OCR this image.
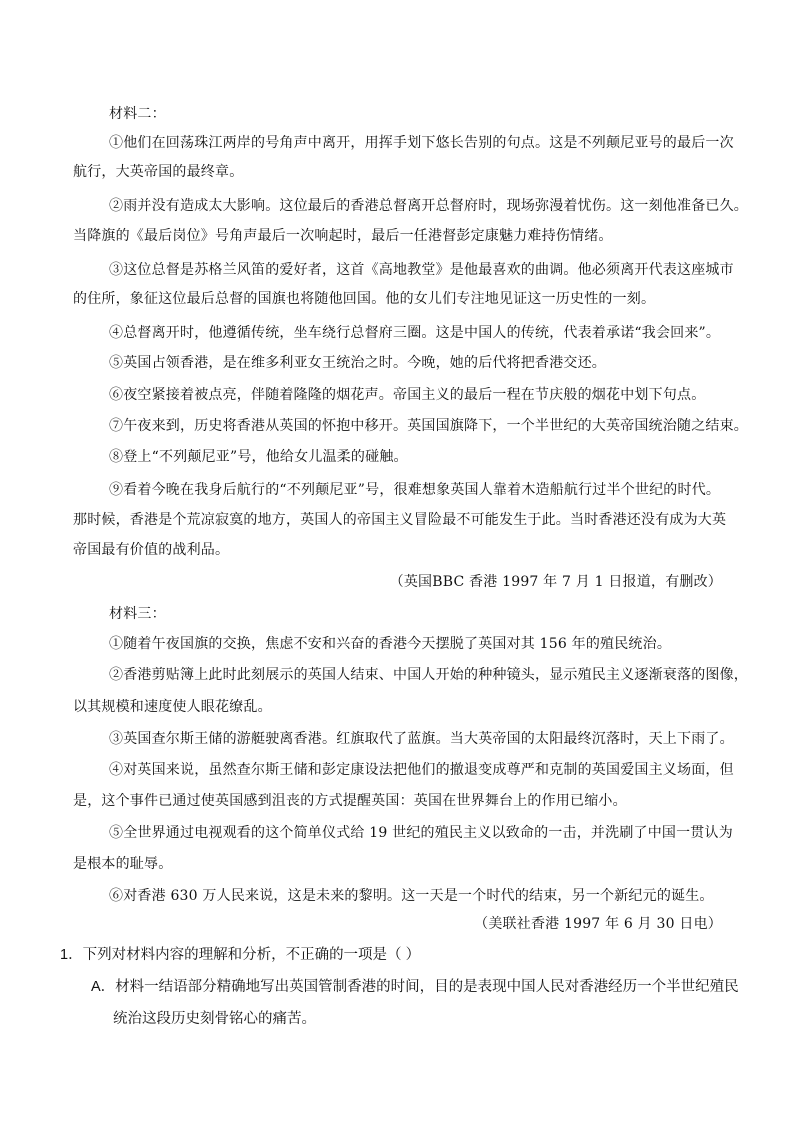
材料二：
①他们在回荡珠江两岸的号角声中离开，用挥手划下悠长告别的句点。这是不列颠尼亚号的最后一次
航行，大英帝国的最终章。
②雨并没有造成太大影响。这位最后的香港总督离开总督府时，现场弥漫着忧伤。这一刻他准备已久。
当降旗的《最后岗位》号角声最后一次响起时，最后一任港督彭定康魅力难持伤情绪。
③这位总督是苏格兰风笛的爱好者，这首《高地教堂》是他最喜欢的曲调。他必须离开代表这座城市
的住所，象征这位最后总督的国旗也将随他回国。他的女儿们专注地见证这一历史性的一刻。
④总督离开时，他遵循传统，坐车绕行总督府三圈。这是中国人的传统，代表着承诺“我会回来”。
⑤英国占领香港，是在维多利亚女王统治之时。今晚，她的后代将把香港交还。
⑥夜空紧接着被点亮，伴随着隆隆的烟花声。帝国主义的最后一程在节庆般的烟花中划下句点。
⑦午夜来到，历史将香港从英国的怀抱中移开。英国国旗降下，一个半世纪的大英帝国统治随之结束。
⑧登上“不列颠尼亚”号，他给女儿温柔的碰触。
⑨看着今晚在我身后航行的“不列颠尼亚”号，很难想象英国人靠着木造船航行过半个世纪的时代。
那时候，香港是个荒凉寂寞的地方，英国人的帝国主义冒险最不可能发生于此。当时香港还没有成为大英
帝国最有价值的战利品。
（英国BBC 香港 1997 年 7 月 1 日报道，有删改）
材料三：
①随着午夜国旗的交换，焦虑不安和兴奋的香港今天摆脱了英国对其 156 年的殖民统治。
②香港剪贴簿上此时此刻展示的英国人结束、中国人开始的种种镜头，显示殖民主义逐渐衰落的图像，
以其规模和速度使人眼花缭乱。
③英国查尔斯王储的游艇驶离香港。红旗取代了蓝旗。当大英帝国的太阳最终沉落时，天上下雨了。
④对英国来说，虽然查尔斯王储和彭定康设法把他们的撤退变成尊严和克制的英国爱国主义场面，但
是，这个事件已通过使英国感到沮丧的方式提醒英国：英国在世界舞台上的作用已缩小。
⑤全世界通过电视观看的这个简单仪式给 19 世纪的殖民主义以致命的一击，并洗刷了中国一贯认为
是根本的耻辱。
⑥对香港 630 万人民来说，这是未来的黎明。这一天是一个时代的结束，另一个新纪元的诞生。
（美联社香港 1997 年 6 月 30 日电）
1．下列对材料内容的理解和分析，不正确的一项是（ ）
A．材料一结语部分精确地写出英国管制香港的时间，目的是表现中国人民对香港经历一个半世纪殖民
统治这段历史刻骨铭心的痛苦。
